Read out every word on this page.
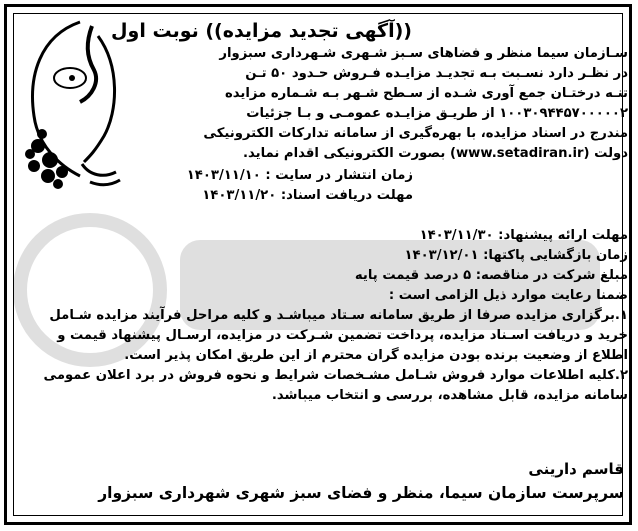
((آگهی تجدید مزایده)) نوبت اول
سـازمان سیما منظر و فضاهای سـبز شـهری شـهرداری سبزوار
در نظـر دارد نسـبت بـه تجدیـد مزایـده فـروش حـدود ۵۰ تـن
تنـه درختـان جمع آوری شـده از سـطح شـهر بـه شـماره مزایده
۱۰۰۳۰۹۴۴۵۷۰۰۰۰۰۲ از طریـق مزایـده عمومـی و بـا جزئیات
مندرج در اسناد مزایده، با بهره‌گیری از سامانه تدارکات الکترونیکی
دولت (www.setadiran.ir) بصورت الکترونیکی اقدام نماید.
زمان انتشار در سایت : ۱۴۰۳/۱۱/۱۰
مهلت دریافت اسناد: ۱۴۰۳/۱۱/۲۰
مهلت ارائه پیشنهاد: ۱۴۰۳/۱۱/۳۰
زمان بازگشایی پاکتها: ۱۴۰۳/۱۲/۰۱
مبلغ شرکت در مناقصه: ۵ درصد قیمت پایه
ضمنا رعایت موارد ذیل الزامی است :
۱.برگزاری مزایده صرفا از طریق سامانه سـتاد میباشـد و کلیه مراحل فرآیند مزایده شـامل
خرید و دریافت اسـناد مزایده، پرداخت تضمین شـرکت در مزایده، ارسـال پیشنهاد قیمت و
اطلاع از وضعیت برنده بودن مزایده گران محترم از این طریق امکان پذیر است.
۲.کلیه اطلاعات موارد فروش شـامل مشـخصات شرایط و نحوه فروش در برد اعلان عمومی
سامانه مزایده، قابل مشاهده، بررسی و انتخاب میباشد.
قاسم دارینی
سرپرست سازمان سیما، منظر و فضای سبز شهری شهرداری سبزوار
